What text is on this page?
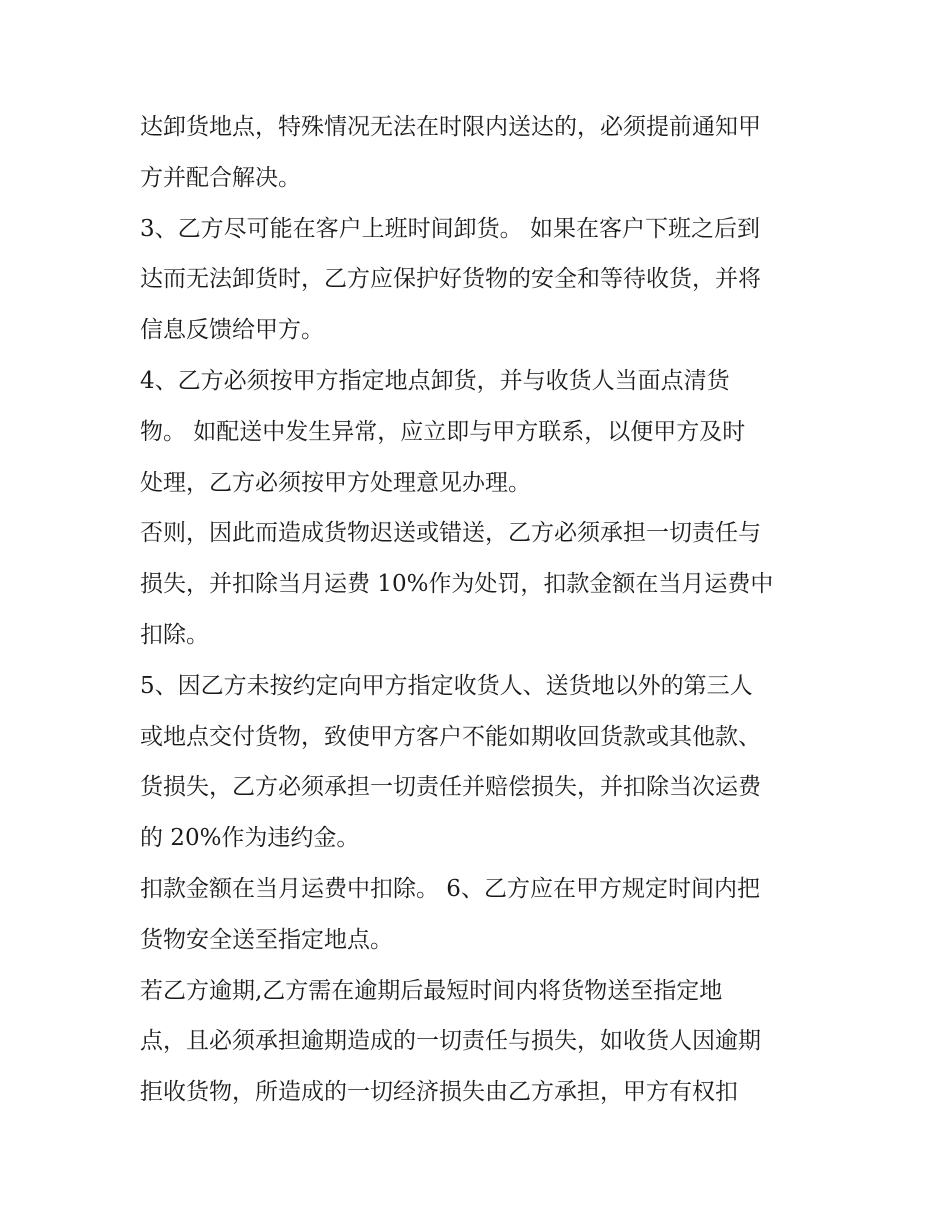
达卸货地点，特殊情况无法在时限内送达的，必须提前通知甲
方并配合解决。
3、乙方尽可能在客户上班时间卸货。 如果在客户下班之后到
达而无法卸货时，乙方应保护好货物的安全和等待收货，并将
信息反馈给甲方。
4、乙方必须按甲方指定地点卸货，并与收货人当面点清货
物。 如配送中发生异常，应立即与甲方联系，以便甲方及时
处理，乙方必须按甲方处理意见办理。
否则，因此而造成货物迟送或错送，乙方必须承担一切责任与
损失，并扣除当月运费 10%作为处罚，扣款金额在当月运费中
扣除。
5、因乙方未按约定向甲方指定收货人、送货地以外的第三人
或地点交付货物，致使甲方客户不能如期收回货款或其他款、
货损失，乙方必须承担一切责任并赔偿损失，并扣除当次运费
的 20%作为违约金。
扣款金额在当月运费中扣除。 6、乙方应在甲方规定时间内把
货物安全送至指定地点。
若乙方逾期,乙方需在逾期后最短时间内将货物送至指定地
点，且必须承担逾期造成的一切责任与损失，如收货人因逾期
拒收货物，所造成的一切经济损失由乙方承担，甲方有权扣
